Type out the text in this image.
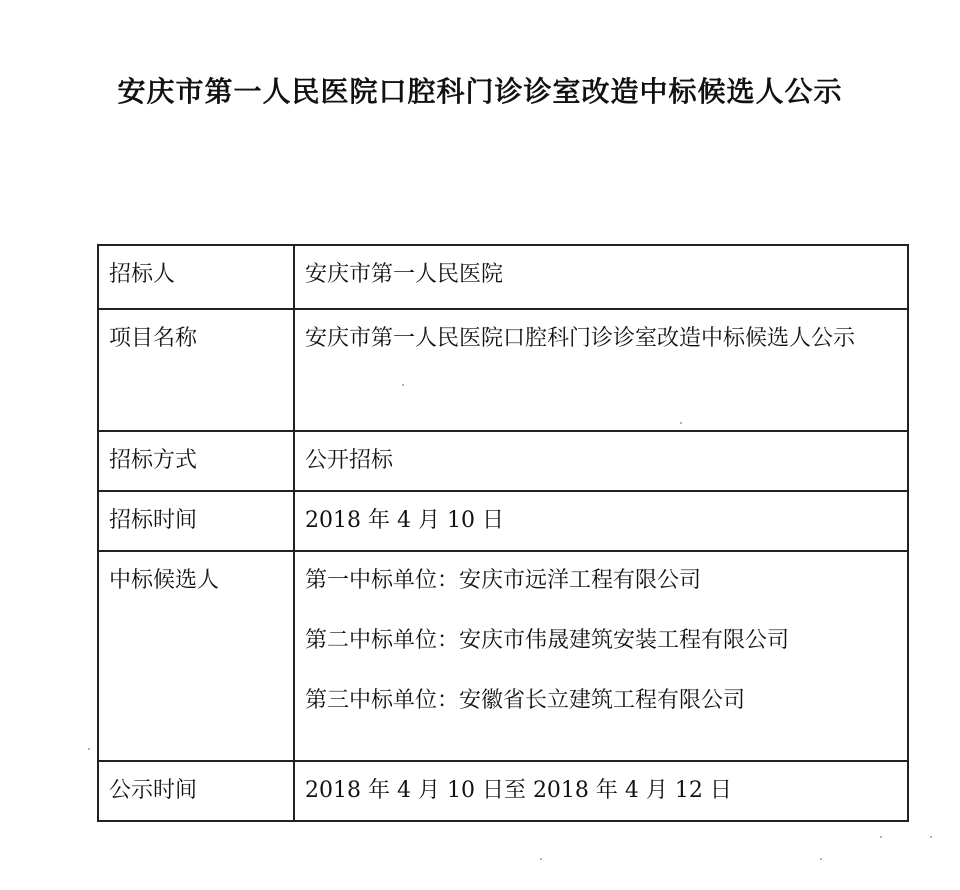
安庆市第一人民医院口腔科门诊诊室改造中标候选人公示
招标人	安庆市第一人民医院
项目名称	安庆市第一人民医院口腔科门诊诊室改造中标候选人公示

招标方式	公开招标
招标时间	2018 年 4 月 10 日
中标候选人	第一中标单位：安庆市远洋工程有限公司
第二中标单位：安庆市伟晟建筑安装工程有限公司
第三中标单位：安徽省长立建筑工程有限公司

公示时间	2018 年 4 月 10 日至 2018 年 4 月 12 日
